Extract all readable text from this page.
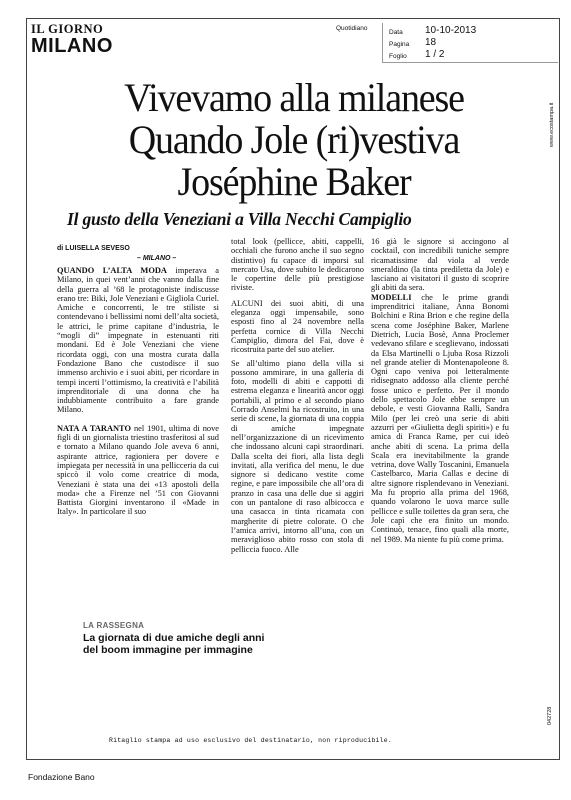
IL GIORNO
MILANO
Quotidiano
Data 10-10-2013
Pagina 18
Foglio 1 / 2
Vivevamo alla milanese
Quando Jole (ri)vestiva
Joséphine Baker
Il gusto della Veneziani a Villa Necchi Campiglio
di LUISELLA SEVESO
– MILANO –

QUANDO L’ALTA MODA imperava a Milano, in quei vent’anni che vanno dalla fine della guerra al ’68 le protagoniste indiscusse erano tre: Biki, Jole Veneziani e Gigliola Curiel. Amiche e concorrenti, le tre stiliste si contendevano i bellissimi nomi dell’alta società, le attrici, le prime capitane d’industria, le “mogli di” impegnate in estenuanti riti mondani. Ed è Jole Veneziani che viene ricordata oggi, con una mostra curata dalla Fondazione Bano che custodisce il suo immenso archivio e i suoi abiti, per ricordare in tempi incerti l’ottimismo, la creatività e l’abilità imprenditoriale di una donna che ha indubbiamente contribuito a fare grande Milano.

NATA A TARANTO nel 1901, ultima di nove figli di un giornalista triestino trasferitosi al sud e tornato a Milano quando Jole aveva 6 anni, aspirante attrice, ragioniera per dovere e impiegata per necessità in una pellicceria da cui spiccò il volo come creatrice di moda, Veneziani è stata una dei «13 apostoli della moda» che a Firenze nel ’51 con Giovanni Battista Giorgini inventarono il «Made in Italy». In particolare il suo

total look (pellicce, abiti, cappelli, occhiali che furono anche il suo segno distintivo) fu capace di imporsi sul mercato Usa, dove subito le dedicarono le copertine delle più prestigiose riviste.

ALCUNI dei suoi abiti, di una eleganza oggi impensabile, sono esposti fino al 24 novembre nella perfetta cornice di Villa Necchi Campiglio, dimora del Fai, dove è ricostruita parte del suo atelier.

Se all’ultimo piano della villa si possono ammirare, in una galleria di foto, modelli di abiti e cappotti di estrema eleganza e linearità ancor oggi portabili, al primo e al secondo piano Corrado Anselmi ha ricostruito, in una serie di scene, la giornata di una coppia di amiche impegnate nell’organizzazione di un ricevimento che indossano alcuni capi straordinari. Dalla scelta dei fiori, alla lista degli invitati, alla verifica del menu, le due signore si dedicano vestite come regine, e pare impossibile che all’ora di pranzo in casa una delle due si aggiri con un pantalone di raso albicocca e una casacca in tinta ricamata con margherite di pietre colorate. O che l’amica arrivi, intorno all’una, con un meraviglioso abito rosso con stola di pelliccia fuoco. Alle

16 già le signore si accingono al cocktail, con incredibili tuniche sempre ricamatissime dal viola al verde smeraldino (la tinta prediletta da Jole) e lasciano ai visitatori il gusto di scoprire gli abiti da sera.

MODELLI che le prime grandi imprenditrici italiane, Anna Bonomi Bolchini e Rina Brion e che regine della scena come Joséphine Baker, Marlene Dietrich, Lucia Bosè, Anna Proclemer vedevano sfilare e sceglievano, indossati da Elsa Martinelli o Ljuba Rosa Rizzoli nel grande atelier di Montenapoleone 8. Ogni capo veniva poi letteralmente ridisegnato addosso alla cliente perché fosse unico e perfetto. Per il mondo dello spettacolo Jole ebbe sempre un debole, e vesti Giovanna Ralli, Sandra Milo (per lei creò una serie di abiti azzurri per «Giulietta degli spiriti») e fu amica di Franca Rame, per cui ideò anche abiti di scena. La prima della Scala era inevitabilmente la grande vetrina, dove Wally Toscanini, Emanuela Castelbarco, Maria Callas e decine di altre signore risplendevano in Veneziani. Ma fu proprio alla prima del 1968, quando volarono le uova marce sulle pellicce e sulle toilettes da gran sera, che Jole capì che era finito un mondo. Continuò, tenace, fino quali alla morte, nel 1989. Ma niente fu più come prima.

LA RASSEGNA
La giornata di due amiche degli anni del boom immagine per immagine
Ritaglio stampa ad uso esclusivo del destinatario, non riproducibile.
042728
www.ecostampa.it
Fondazione Bano
